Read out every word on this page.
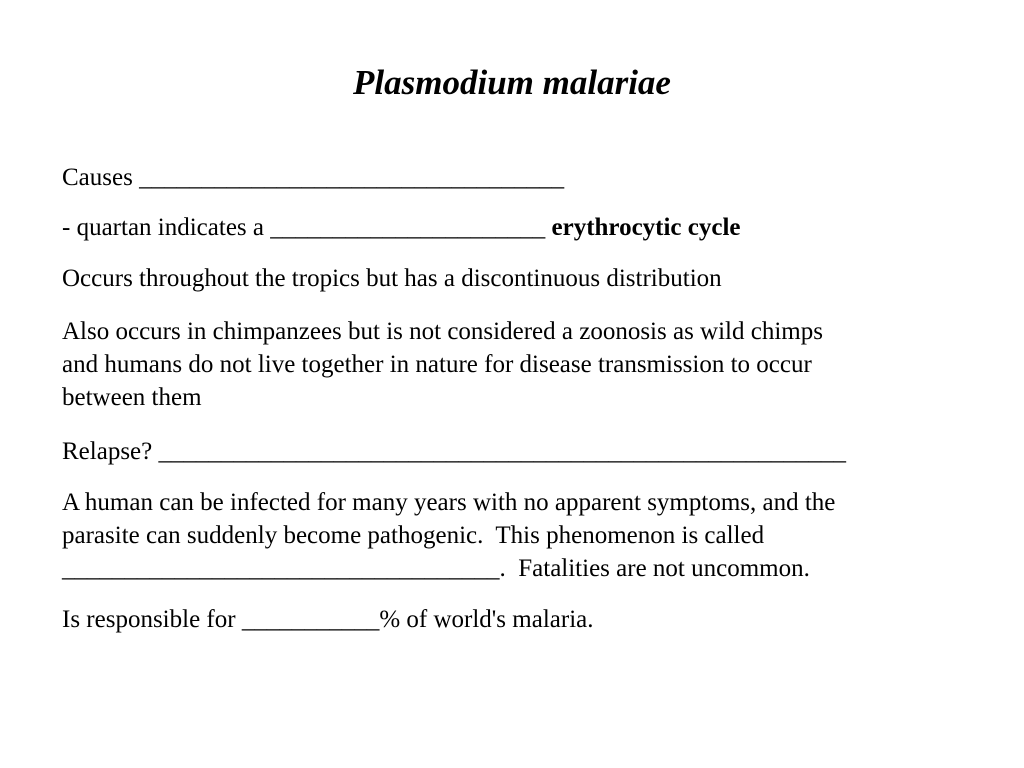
Plasmodium malariae
Causes __________________________________
- quartan indicates a ______________________ erythrocytic cycle
Occurs throughout the tropics but has a discontinuous distribution
Also occurs in chimpanzees but is not considered a zoonosis as wild chimps
and humans do not live together in nature for disease transmission to occur
between them
Relapse? _______________________________________________________
A human can be infected for many years with no apparent symptoms, and the
parasite can suddenly become pathogenic.  This phenomenon is called
___________________________________.  Fatalities are not uncommon.
Is responsible for ___________% of world's malaria.
